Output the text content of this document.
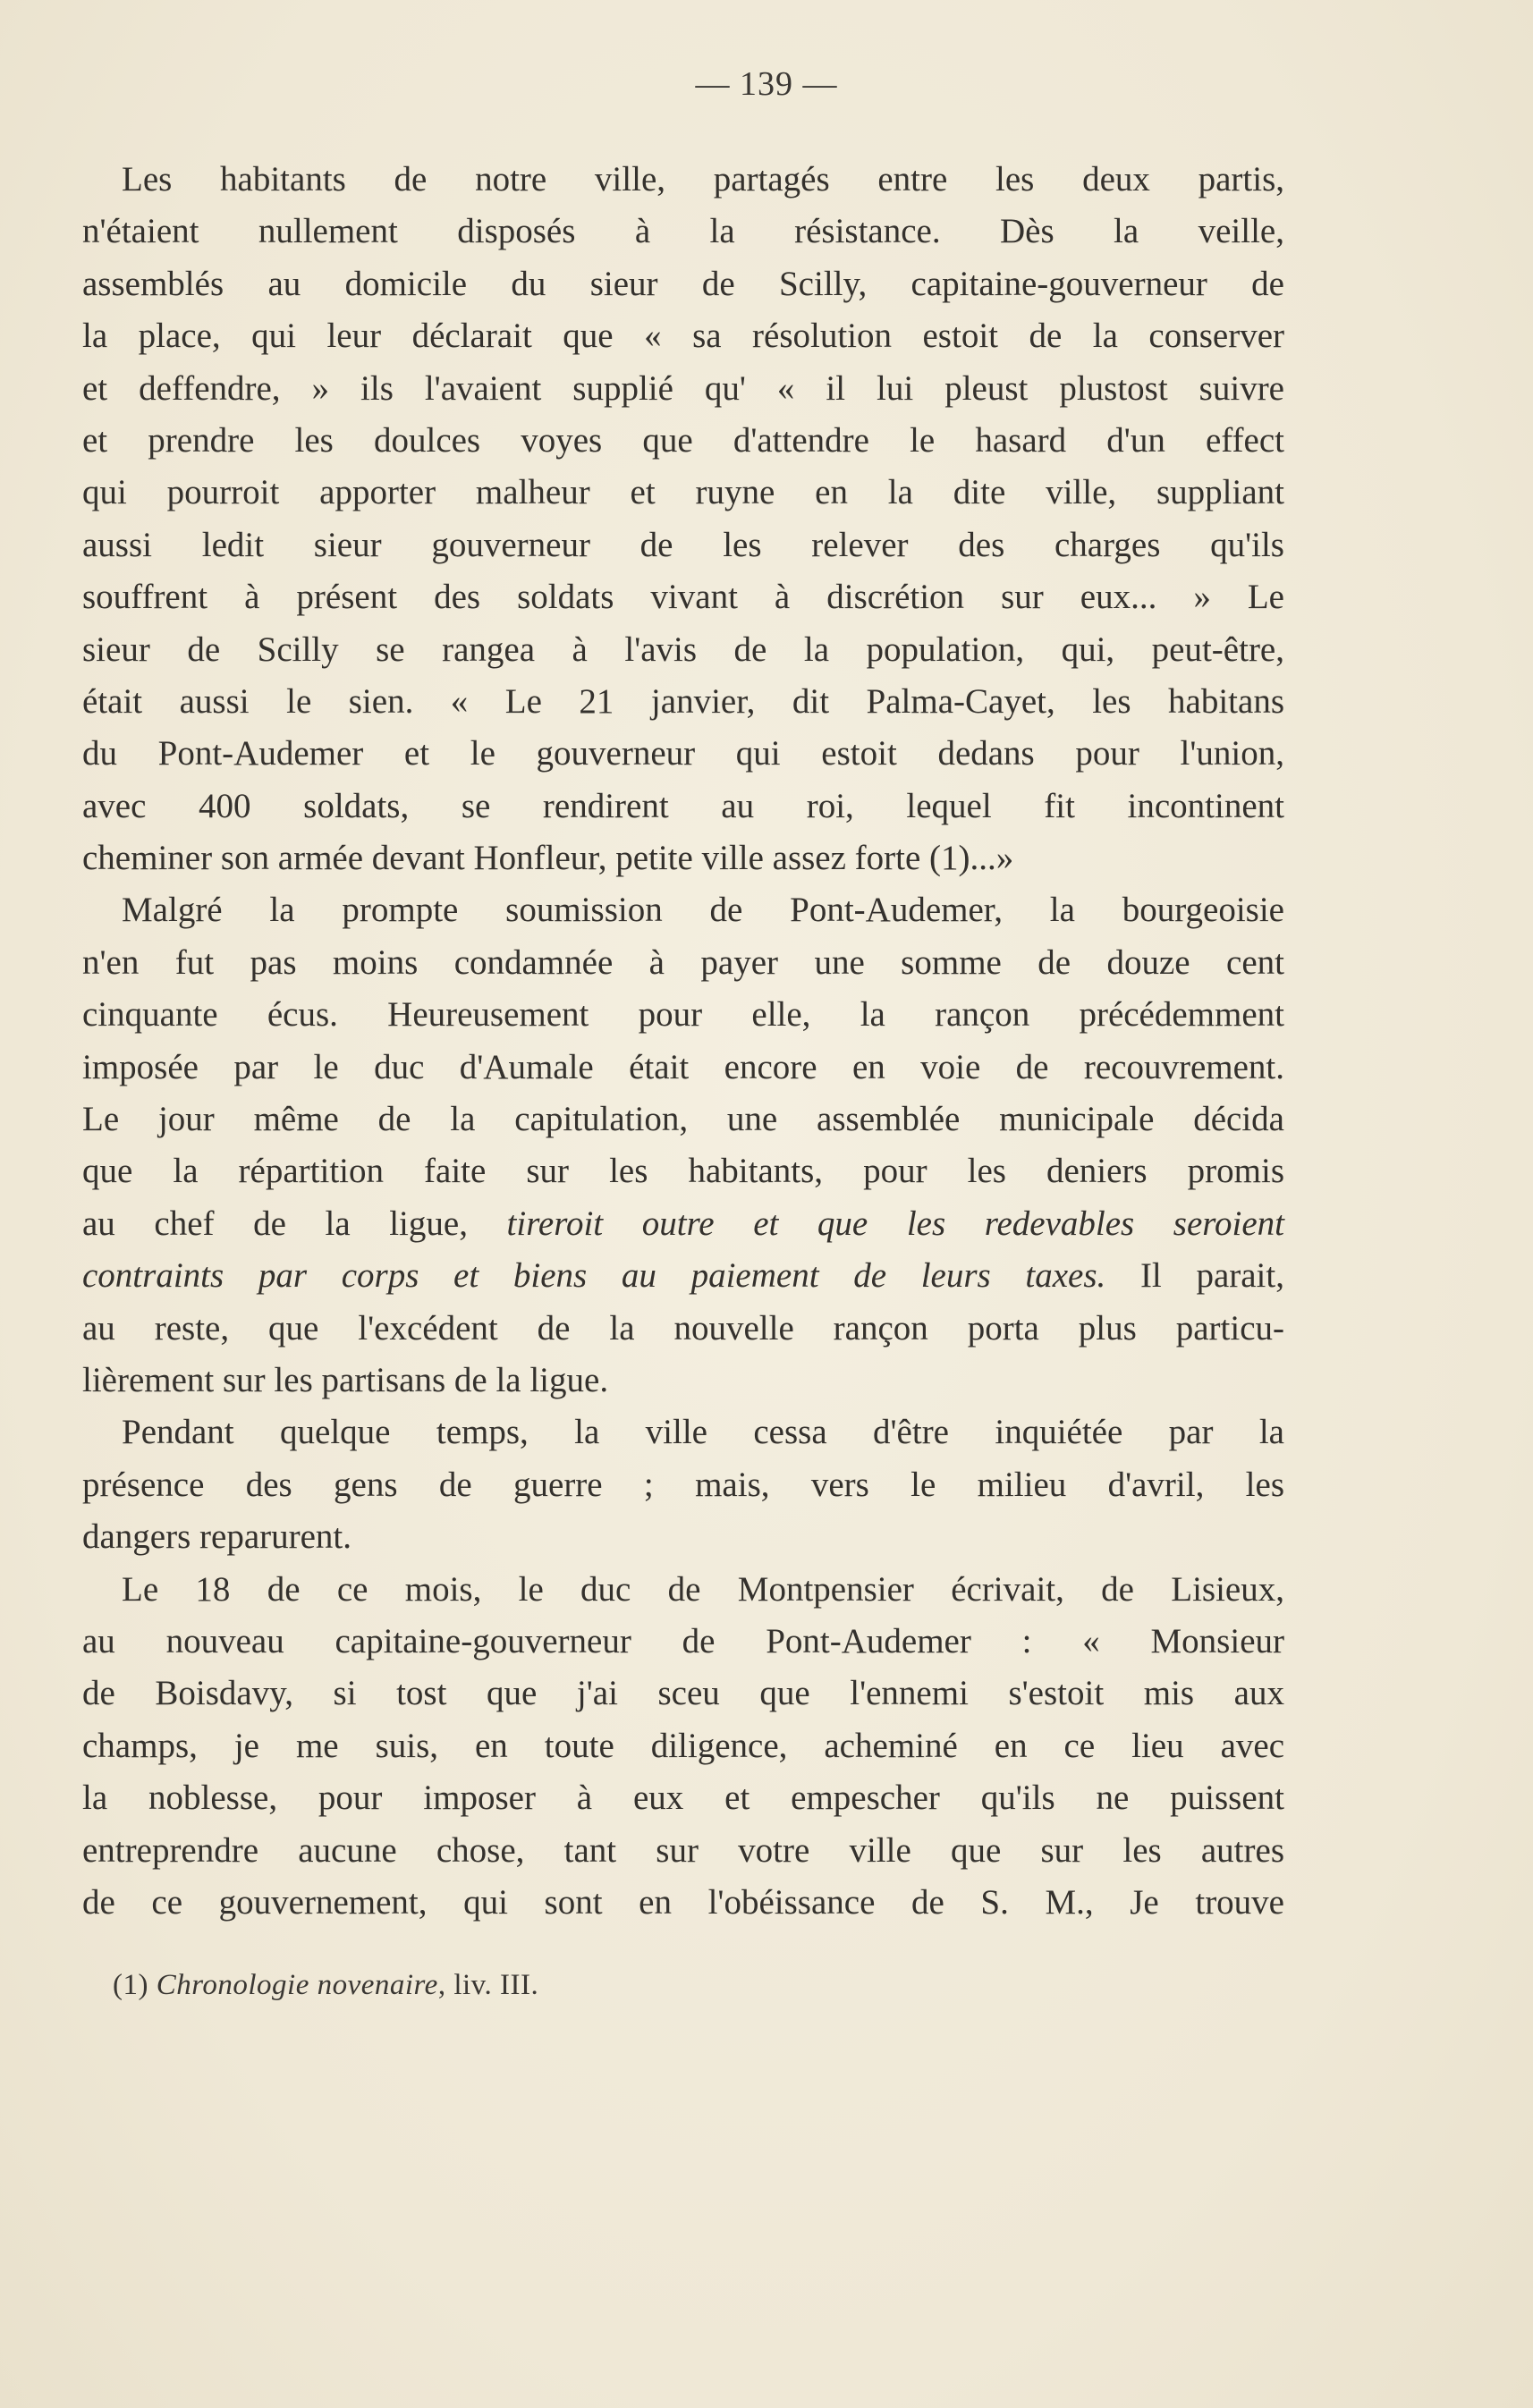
— 139 —
Les habitants de notre ville, partagés entre les deux partis,
n'étaient nullement disposés à la résistance. Dès la veille,
assemblés au domicile du sieur de Scilly, capitaine-gouverneur de
la place, qui leur déclarait que « sa résolution estoit de la conserver
et deffendre, » ils l'avaient supplié qu' « il lui pleust plustost suivre
et prendre les doulces voyes que d'attendre le hasard d'un effect
qui pourroit apporter malheur et ruyne en la dite ville, suppliant
aussi ledit sieur gouverneur de les relever des charges qu'ils
souffrent à présent des soldats vivant à discrétion sur eux... » Le
sieur de Scilly se rangea à l'avis de la population, qui, peut-être,
était aussi le sien. « Le 21 janvier, dit Palma-Cayet, les habitans
du Pont-Audemer et le gouverneur qui estoit dedans pour l'union,
avec 400 soldats, se rendirent au roi, lequel fit incontinent
cheminer son armée devant Honfleur, petite ville assez forte (1)...»
Malgré la prompte soumission de Pont-Audemer, la bourgeoisie
n'en fut pas moins condamnée à payer une somme de douze cent
cinquante écus. Heureusement pour elle, la rançon précédemment
imposée par le duc d'Aumale était encore en voie de recouvrement.
Le jour même de la capitulation, une assemblée municipale décida
que la répartition faite sur les habitants, pour les deniers promis
au chef de la ligue, tireroit outre et que les redevables seroient
contraints par corps et biens au paiement de leurs taxes. Il parait,
au reste, que l'excédent de la nouvelle rançon porta plus particu-
lièrement sur les partisans de la ligue.
Pendant quelque temps, la ville cessa d'être inquiétée par la
présence des gens de guerre ; mais, vers le milieu d'avril, les
dangers reparurent.
Le 18 de ce mois, le duc de Montpensier écrivait, de Lisieux,
au nouveau capitaine-gouverneur de Pont-Audemer : « Monsieur
de Boisdavy, si tost que j'ai sceu que l'ennemi s'estoit mis aux
champs, je me suis, en toute diligence, acheminé en ce lieu avec
la noblesse, pour imposer à eux et empescher qu'ils ne puissent
entreprendre aucune chose, tant sur votre ville que sur les autres
de ce gouvernement, qui sont en l'obéissance de S. M., Je trouve
(1) Chronologie novenaire, liv. III.
